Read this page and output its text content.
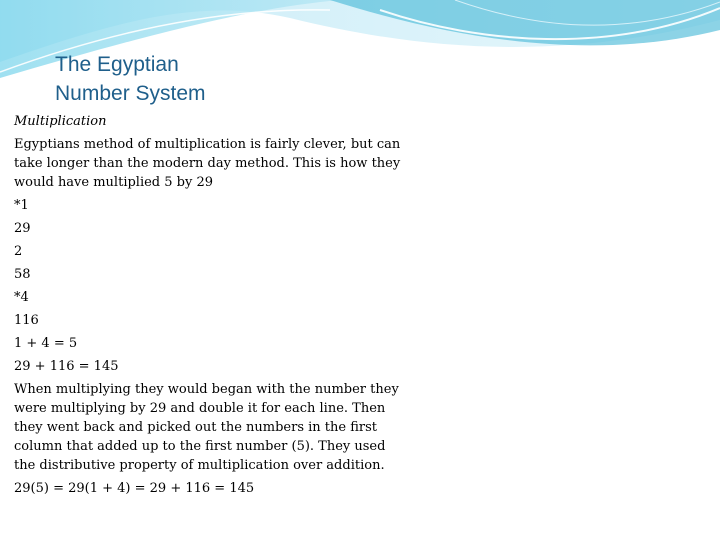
The Egyptian
Number System

Multiplication

Egyptians method of multiplication is fairly clever, but can take longer than the modern day method. This is how they would have multiplied 5 by 29

*1

29

2

58

*4

116

1 + 4 = 5

29 + 116 = 145

When multiplying they would began with the number they were multiplying by 29 and double it for each line. Then they went back and picked out the numbers in the first column that added up to the first number (5). They used the distributive property of multiplication over addition.

29(5) = 29(1 + 4) = 29 + 116 = 145
